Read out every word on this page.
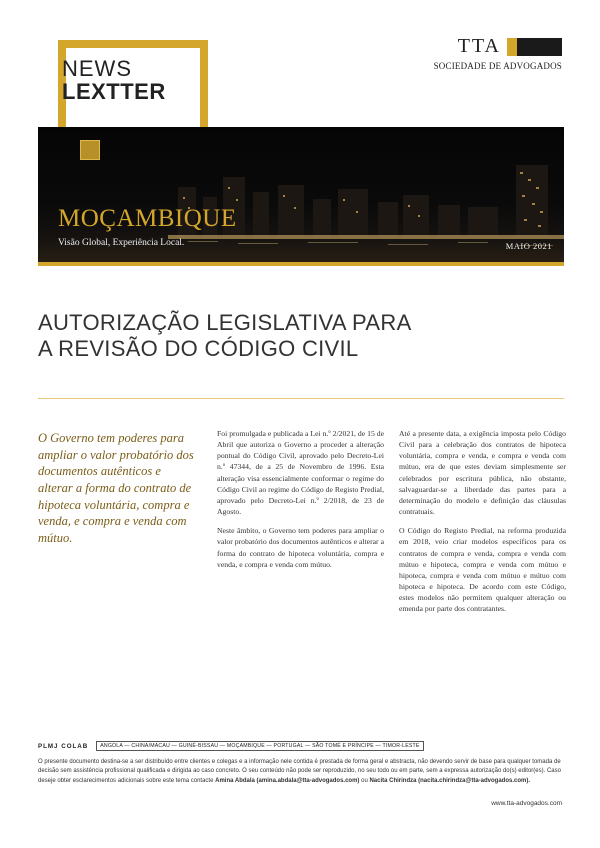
NEWS
LEXTTER
TTA
SOCIEDADE DE ADVOGADOS
MOÇAMBIQUE
Visão Global, Experiência Local.	MAIO 2021
AUTORIZAÇÃO LEGISLATIVA PARA
A REVISÃO DO CÓDIGO CIVIL
O Governo tem poderes para ampliar o valor probatório dos documentos autênticos e alterar a forma do contrato de hipoteca voluntária, compra e venda, e compra e venda com mútuo.

Foi promulgada e publicada a Lei n.º 2/2021, de 15 de Abril que autoriza o Governo a proceder a alteração pontual do Código Civil, aprovado pelo Decreto-Lei n.º 47344, de a 25 de Novembro de 1996. Esta alteração visa essencialmente conformar o regime do Código Civil ao regime do Código de Registo Predial, aprovado pelo Decreto-Lei n.º 2/2018, de 23 de Agosto.

Neste âmbito, o Governo tem poderes para ampliar o valor probatório dos documentos autênticos e alterar a forma do contrato de hipoteca voluntária, compra e venda, e compra e venda com mútuo.

Até a presente data, a exigência imposta pelo Código Civil para a celebração dos contratos de hipoteca voluntária, compra e venda, e compra e venda com mútuo, era de que estes deviam simplesmente ser celebrados por escritura pública, não obstante, salvaguardar-se a liberdade das partes para a determinação do modelo e definição das cláusulas contratuais.

O Código do Registo Predial, na reforma produzida em 2018, veio criar modelos específicos para os contratos de compra e venda, compra e venda com mútuo e hipoteca, compra e venda com mútuo e hipoteca, compra e venda com mútuo e mútuo com hipoteca e hipoteca. De acordo com este Código, estes modelos não permitem qualquer alteração ou emenda por parte dos contratantes.

PLMJ COLAB	ANGOLA — CHINA/MACAU — GUINÉ-BISSAU — MOÇAMBIQUE — PORTUGAL — SÃO TOMÉ E PRÍNCIPE — TIMOR-LESTE
O presente documento destina-se a ser distribuído entre clientes e colegas e a informação nele contida é prestada de forma geral e abstracta, não devendo servir de base para qualquer tomada de decisão sem assistência profissional qualificada e dirigida ao caso concreto. O seu conteúdo não pode ser reproduzido, no seu todo ou em parte, sem a expressa autorização do(s) editor(es). Caso deseje obter esclarecimentos adicionais sobre este tema contacte Amina Abdala (amina.abdala@tta-advogados.com) ou Nacita Chirindza (nacita.chirindza@tta-advogados.com).
www.tta-advogados.com
